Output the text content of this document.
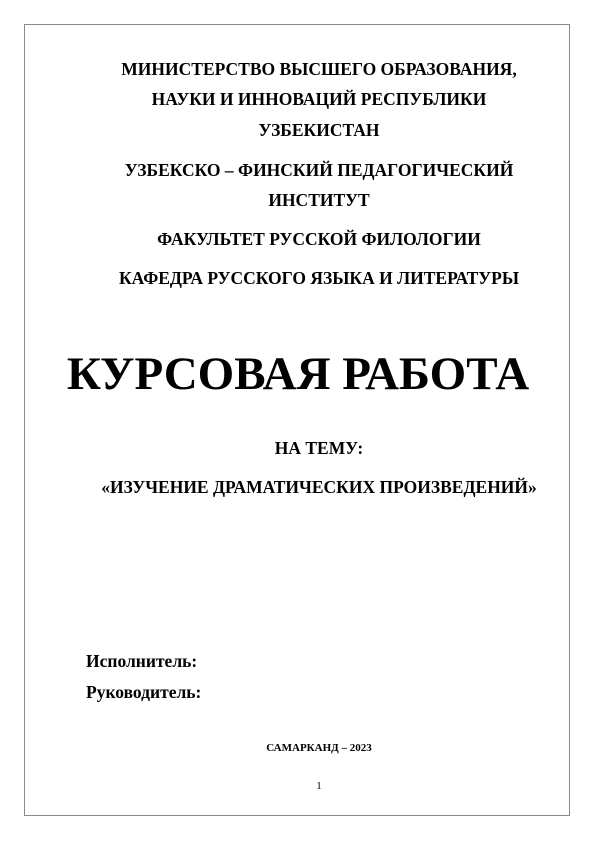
МИНИСТЕРСТВО ВЫСШЕГО ОБРАЗОВАНИЯ,
НАУКИ И ИННОВАЦИЙ РЕСПУБЛИКИ
УЗБЕКИСТАН
УЗБЕКСКО – ФИНСКИЙ ПЕДАГОГИЧЕСКИЙ
ИНСТИТУТ
ФАКУЛЬТЕТ РУССКОЙ ФИЛОЛОГИИ
КАФЕДРА РУССКОГО ЯЗЫКА И ЛИТЕРАТУРЫ
КУРСОВАЯ РАБОТА
НА ТЕМУ:
«ИЗУЧЕНИЕ ДРАМАТИЧЕСКИХ ПРОИЗВЕДЕНИЙ»
Исполнитель:
Руководитель:
САМАРКАНД – 2023
1
